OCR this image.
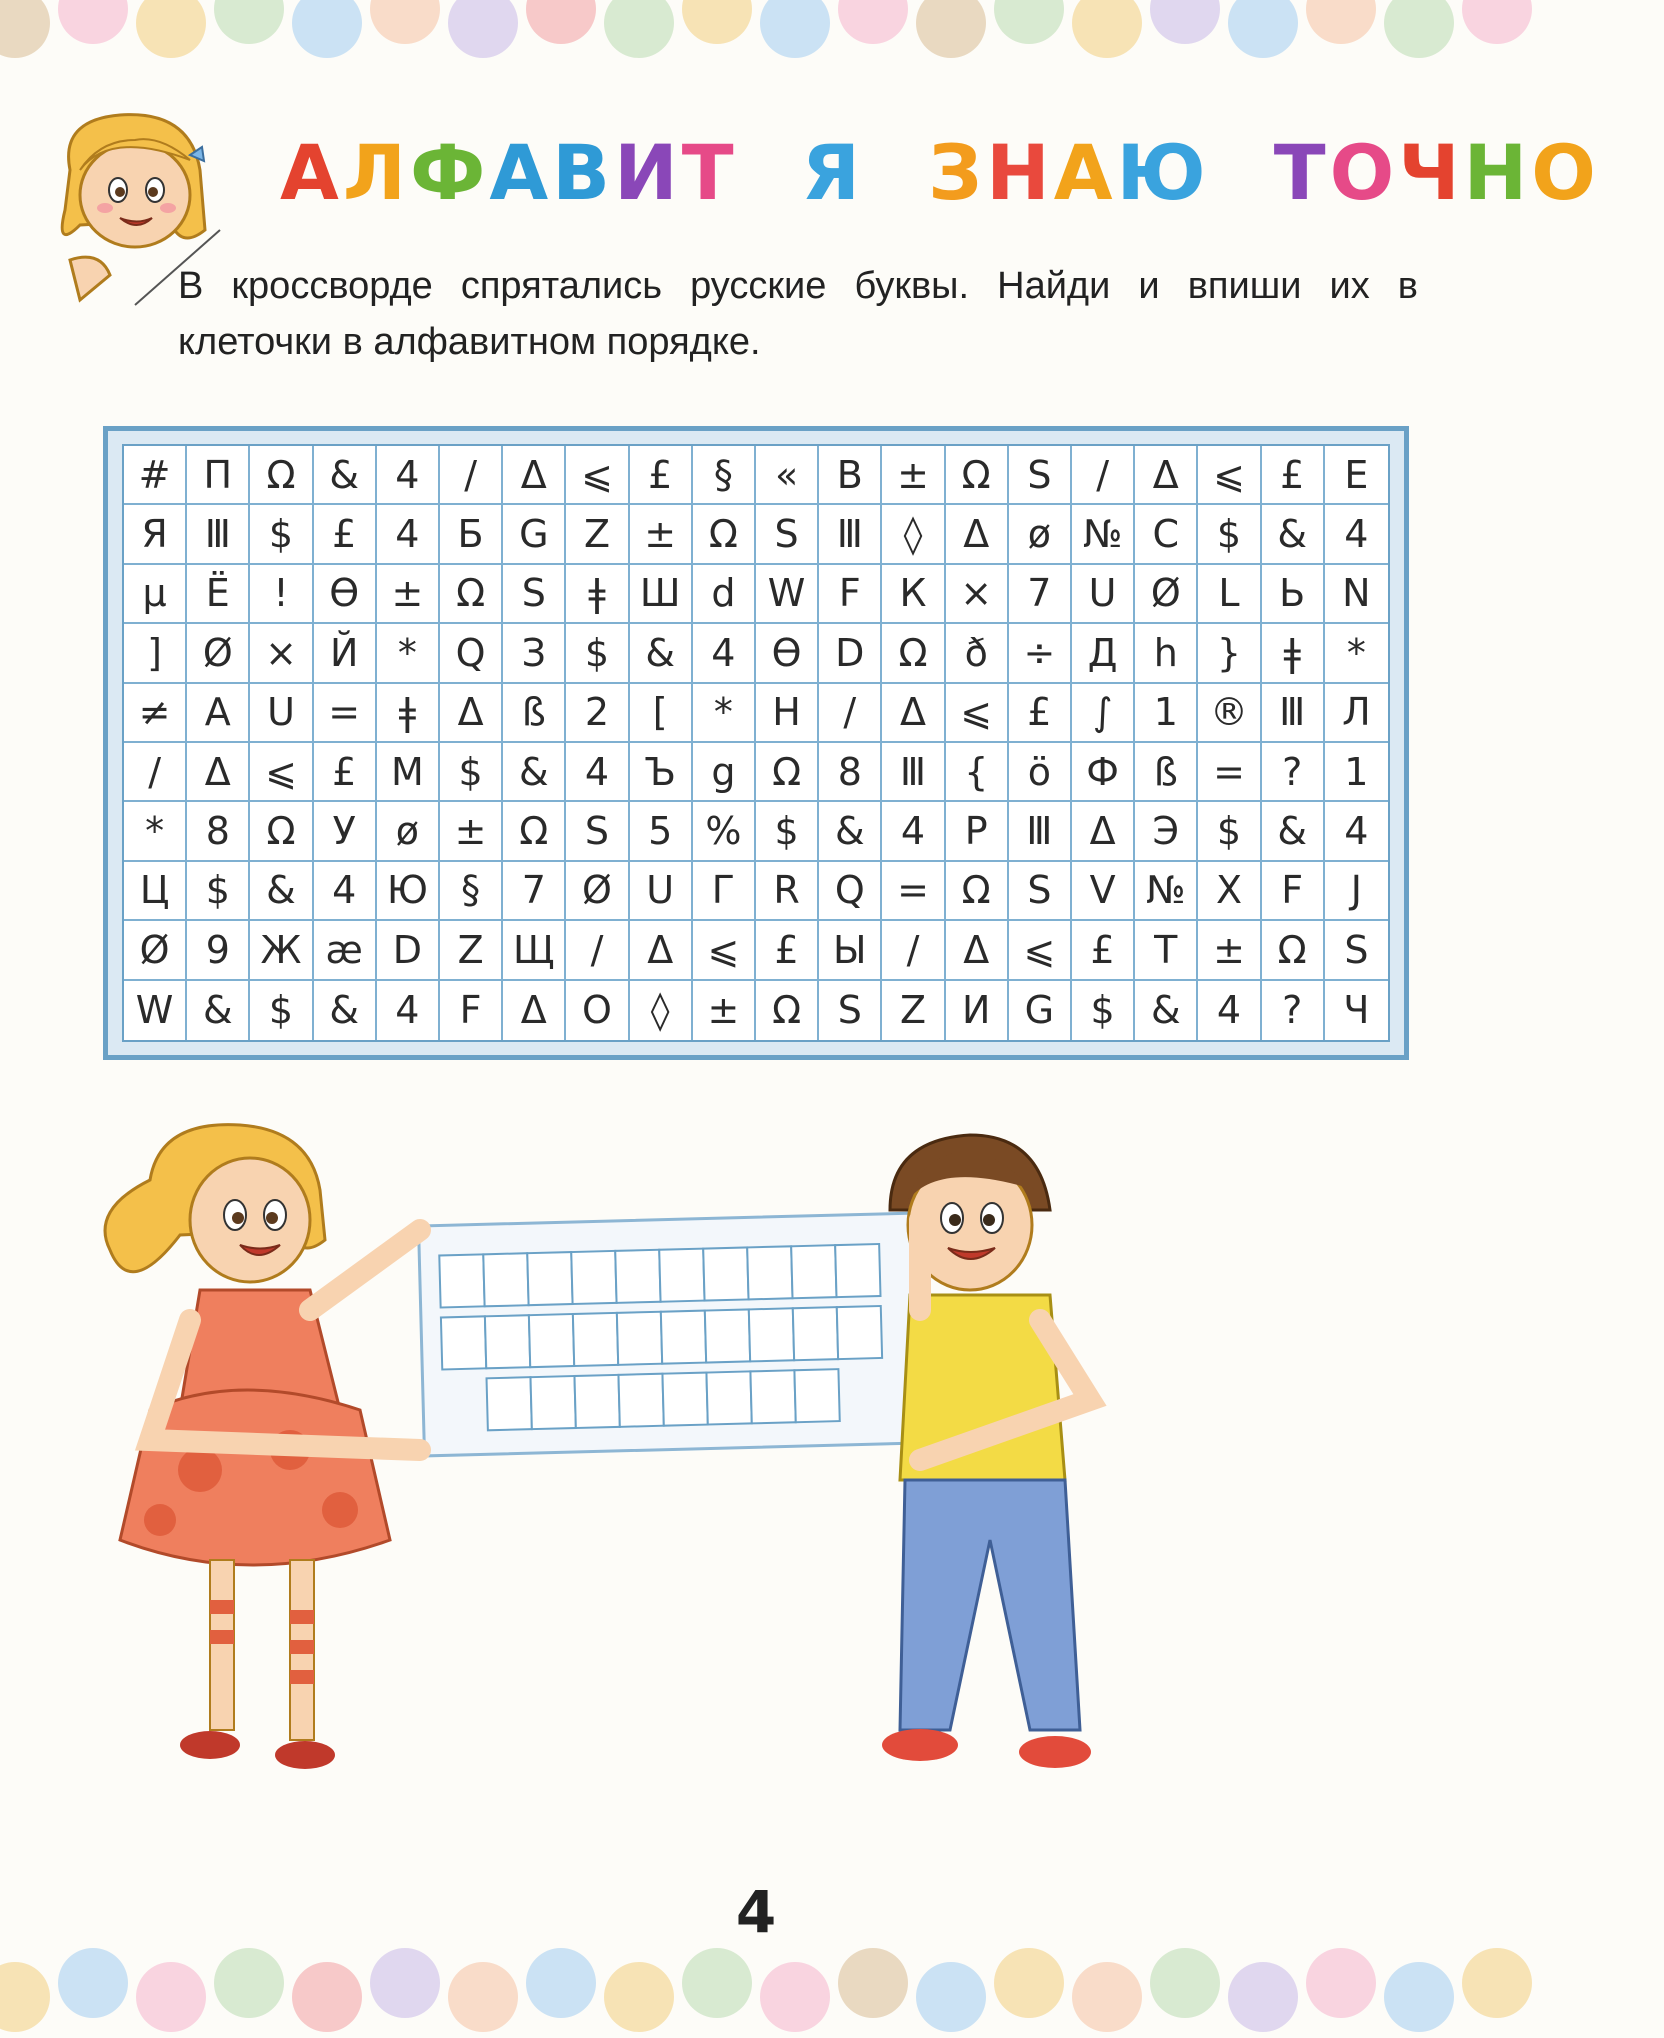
АЛФАВИТ Я ЗНАЮ ТОЧНО
В кроссворде спрятались русские буквы. Найди и впиши их в клеточки в алфавитном порядке.
# П Ω & 4	/	Δ ⩽ £	§	«	В ± Ω S	/	Δ ⩽ £	Е
Я Ⅲ	$	£	4	Б G Z ± Ω S	Ⅲ	◊	Δ	ø № С $ & 4
μ	Ё	!	ϴ ± Ω S	ǂ Ш d W F	К × 7 U Ø L	Ь N
]	Ø × Й	*	Q З	$ & 4 ϴ D Ω ð ÷ Д h	}	ǂ	*
≠ A U =	ǂ	Δ	ß	2	[	*	Н	/	Δ ⩽ £	∫	1 ® Ⅲ Л
/	Δ ⩽ £ M $ & 4 Ъ g Ω 8	Ⅲ	{	ö Ф ß = ?	1
*	8 Ω У	ø ± Ω S	5 % $ & 4	Р	Ⅲ Δ Э $ & 4
Ц $ & 4 Ю §	7 Ø U Г	R Q = Ω S	V № X	F	J
Ø 9 Ж æ D Z Щ /	Δ ⩽ £ Ы	/	Δ ⩽ £	Т ± Ω S
W & $ & 4	F	Δ O	◊ ± Ω S	Z И G $ & 4	?	Ч
4
